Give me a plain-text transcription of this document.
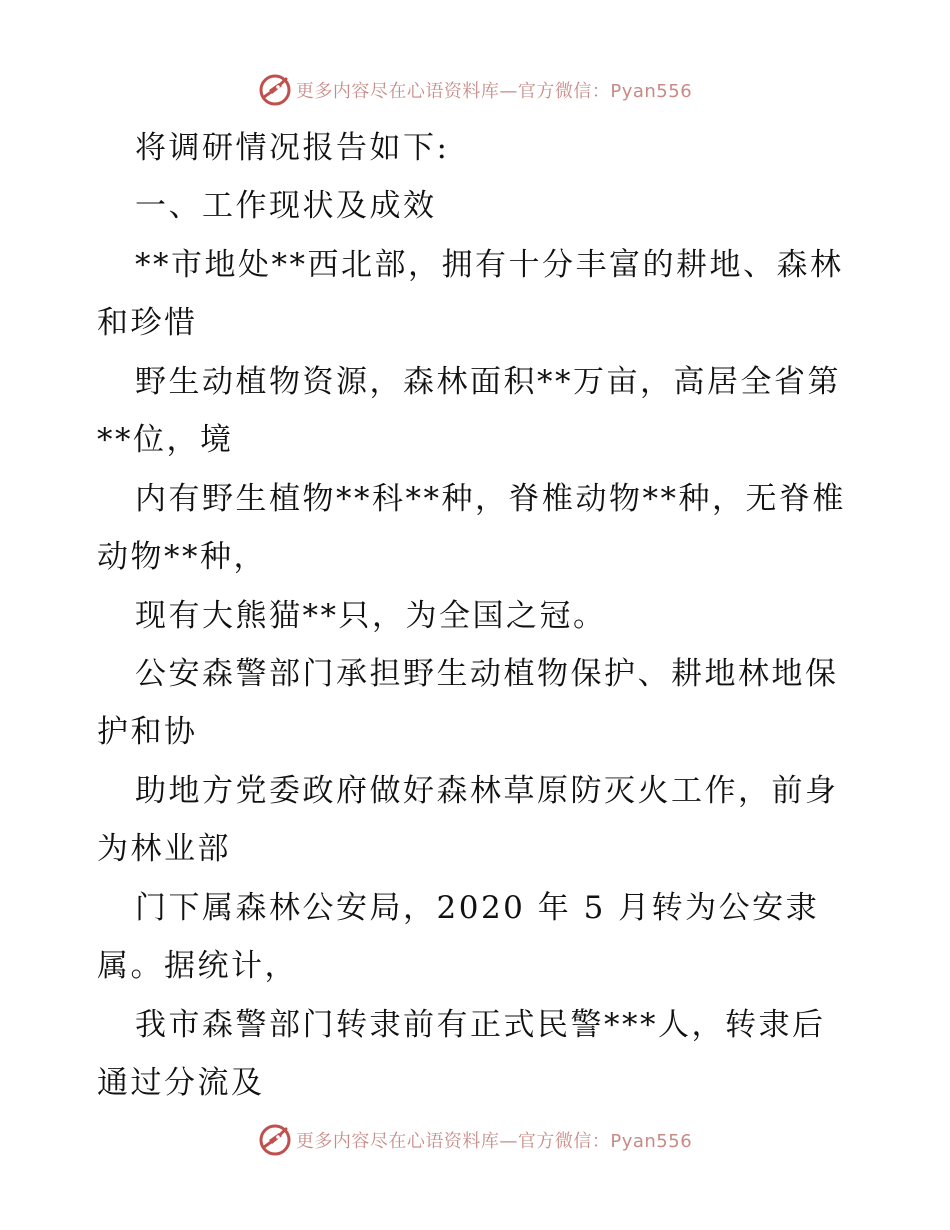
更多内容尽在心语资料库—官方微信：Pyan556
将调研情况报告如下:
一、工作现状及成效
**市地处**西北部，拥有十分丰富的耕地、森林
和珍惜
野生动植物资源，森林面积**万亩，高居全省第
**位，境
内有野生植物**科**种，脊椎动物**种，无脊椎
动物**种，
现有大熊猫**只，为全国之冠。
公安森警部门承担野生动植物保护、耕地林地保
护和协
助地方党委政府做好森林草原防灭火工作，前身
为林业部
门下属森林公安局，2020 年 5 月转为公安隶
属。据统计，
我市森警部门转隶前有正式民警***人，转隶后
通过分流及
更多内容尽在心语资料库—官方微信：Pyan556
